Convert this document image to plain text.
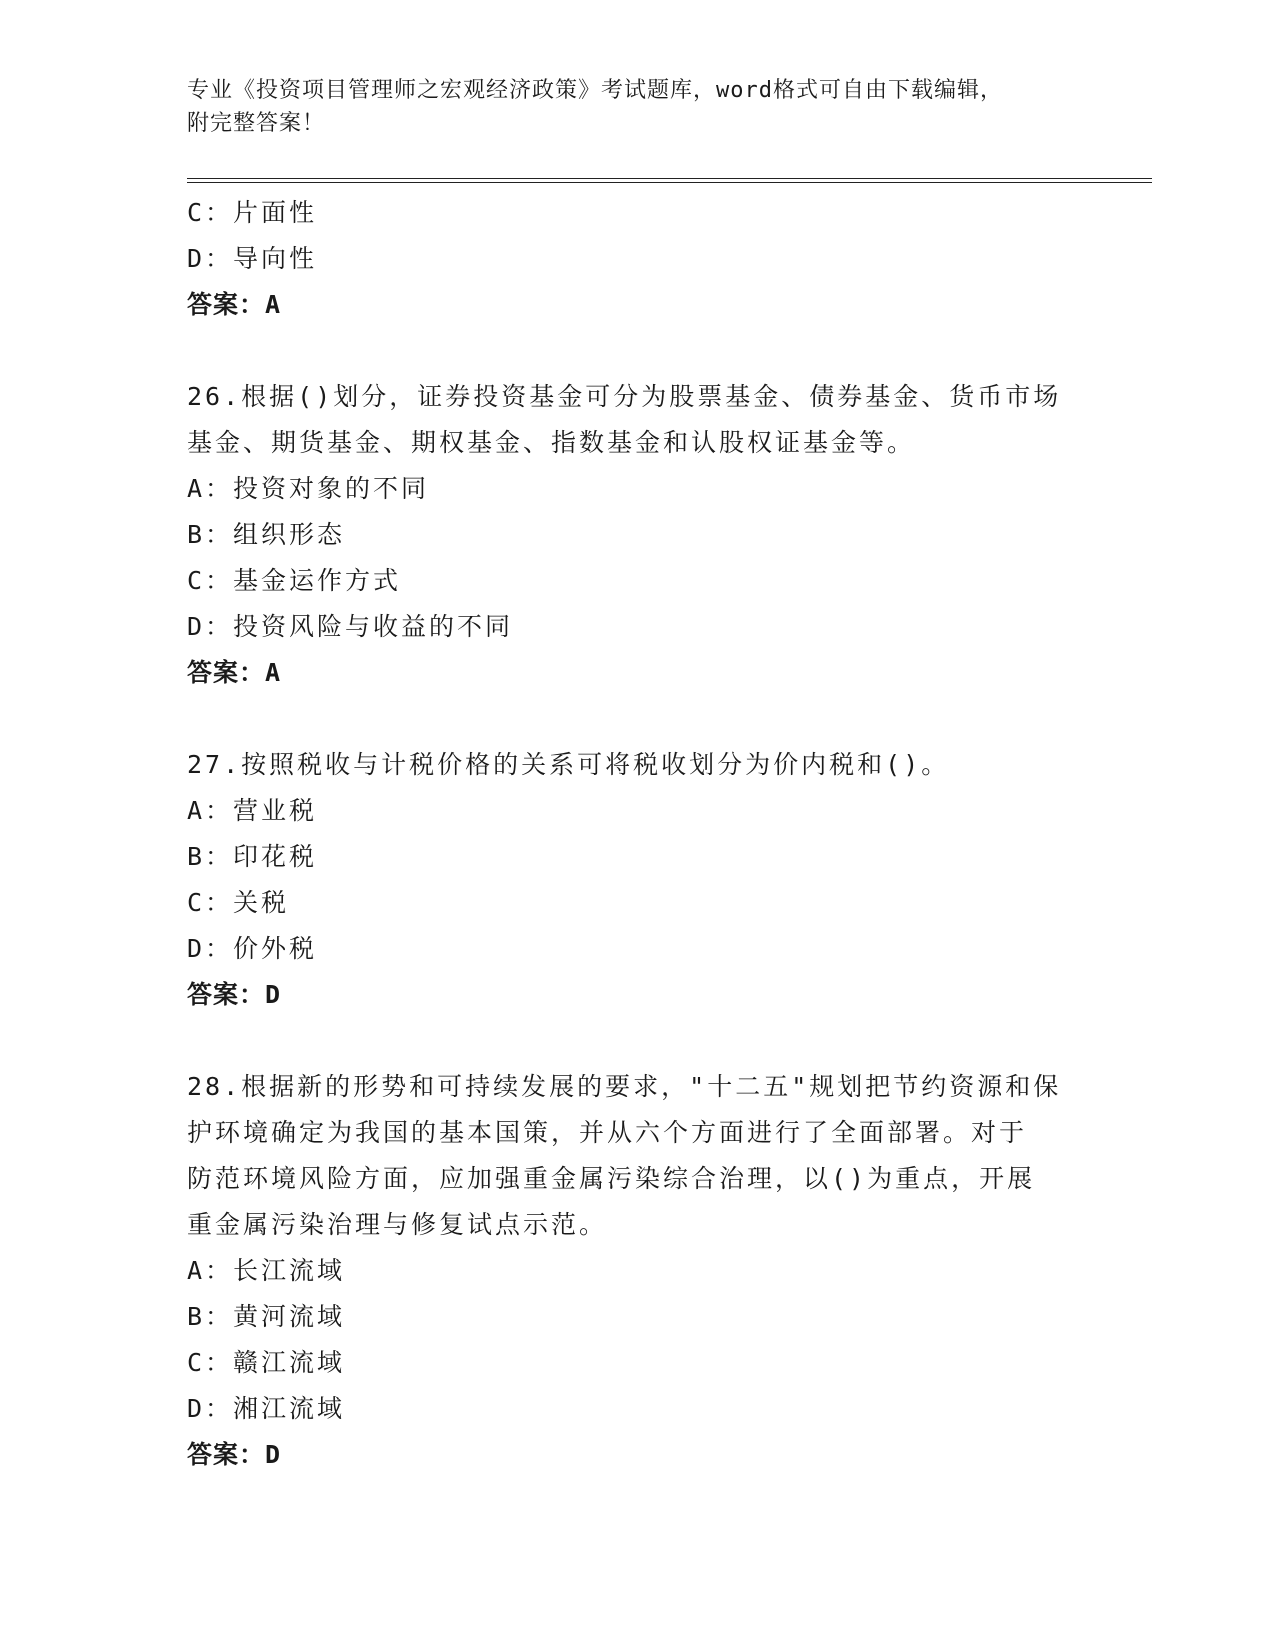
专业《投资项目管理师之宏观经济政策》考试题库，word格式可自由下载编辑，
附完整答案！
C：片面性
D：导向性
答案：A
26.根据()划分，证券投资基金可分为股票基金、债券基金、货币市场
基金、期货基金、期权基金、指数基金和认股权证基金等。
A：投资对象的不同
B：组织形态
C：基金运作方式
D：投资风险与收益的不同
答案：A
27.按照税收与计税价格的关系可将税收划分为价内税和()。
A：营业税
B：印花税
C：关税
D：价外税
答案：D
28.根据新的形势和可持续发展的要求，"十二五"规划把节约资源和保
护环境确定为我国的基本国策，并从六个方面进行了全面部署。对于
防范环境风险方面，应加强重金属污染综合治理，以()为重点，开展
重金属污染治理与修复试点示范。
A：长江流域
B：黄河流域
C：赣江流域
D：湘江流域
答案：D
